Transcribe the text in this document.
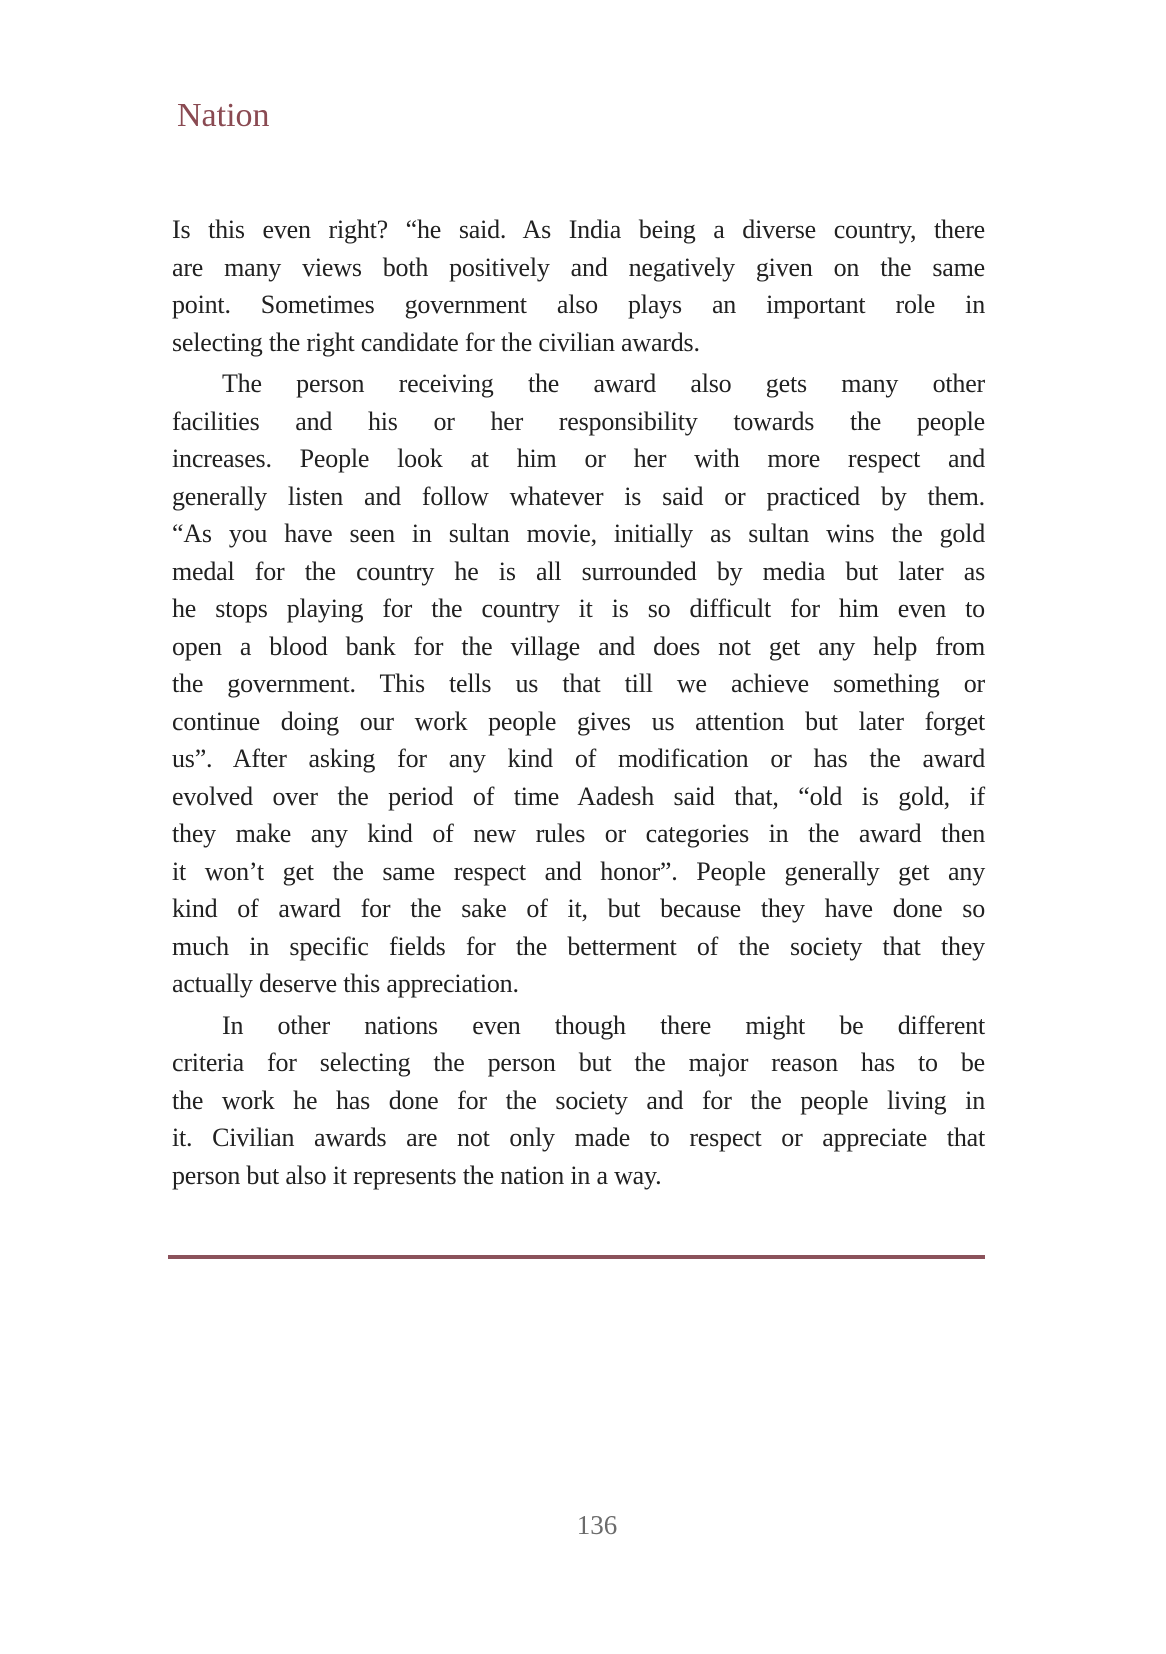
Nation
Is this even right? “he said. As India being a diverse country, there
are many views both positively and negatively given on the same
point. Sometimes government also plays an important role in
selecting the right candidate for the civilian awards.
The person receiving the award also gets many other
facilities and his or her responsibility towards the people
increases. People look at him or her with more respect and
generally listen and follow whatever is said or practiced by them.
“As you have seen in sultan movie, initially as sultan wins the gold
medal for the country he is all surrounded by media but later as
he stops playing for the country it is so difficult for him even to
open a blood bank for the village and does not get any help from
the government. This tells us that till we achieve something or
continue doing our work people gives us attention but later forget
us”. After asking for any kind of modification or has the award
evolved over the period of time Aadesh said that, “old is gold, if
they make any kind of new rules or categories in the award then
it won’t get the same respect and honor”. People generally get any
kind of award for the sake of it, but because they have done so
much in specific fields for the betterment of the society that they
actually deserve this appreciation.
In other nations even though there might be different
criteria for selecting the person but the major reason has to be
the work he has done for the society and for the people living in
it. Civilian awards are not only made to respect or appreciate that
person but also it represents the nation in a way.
136
